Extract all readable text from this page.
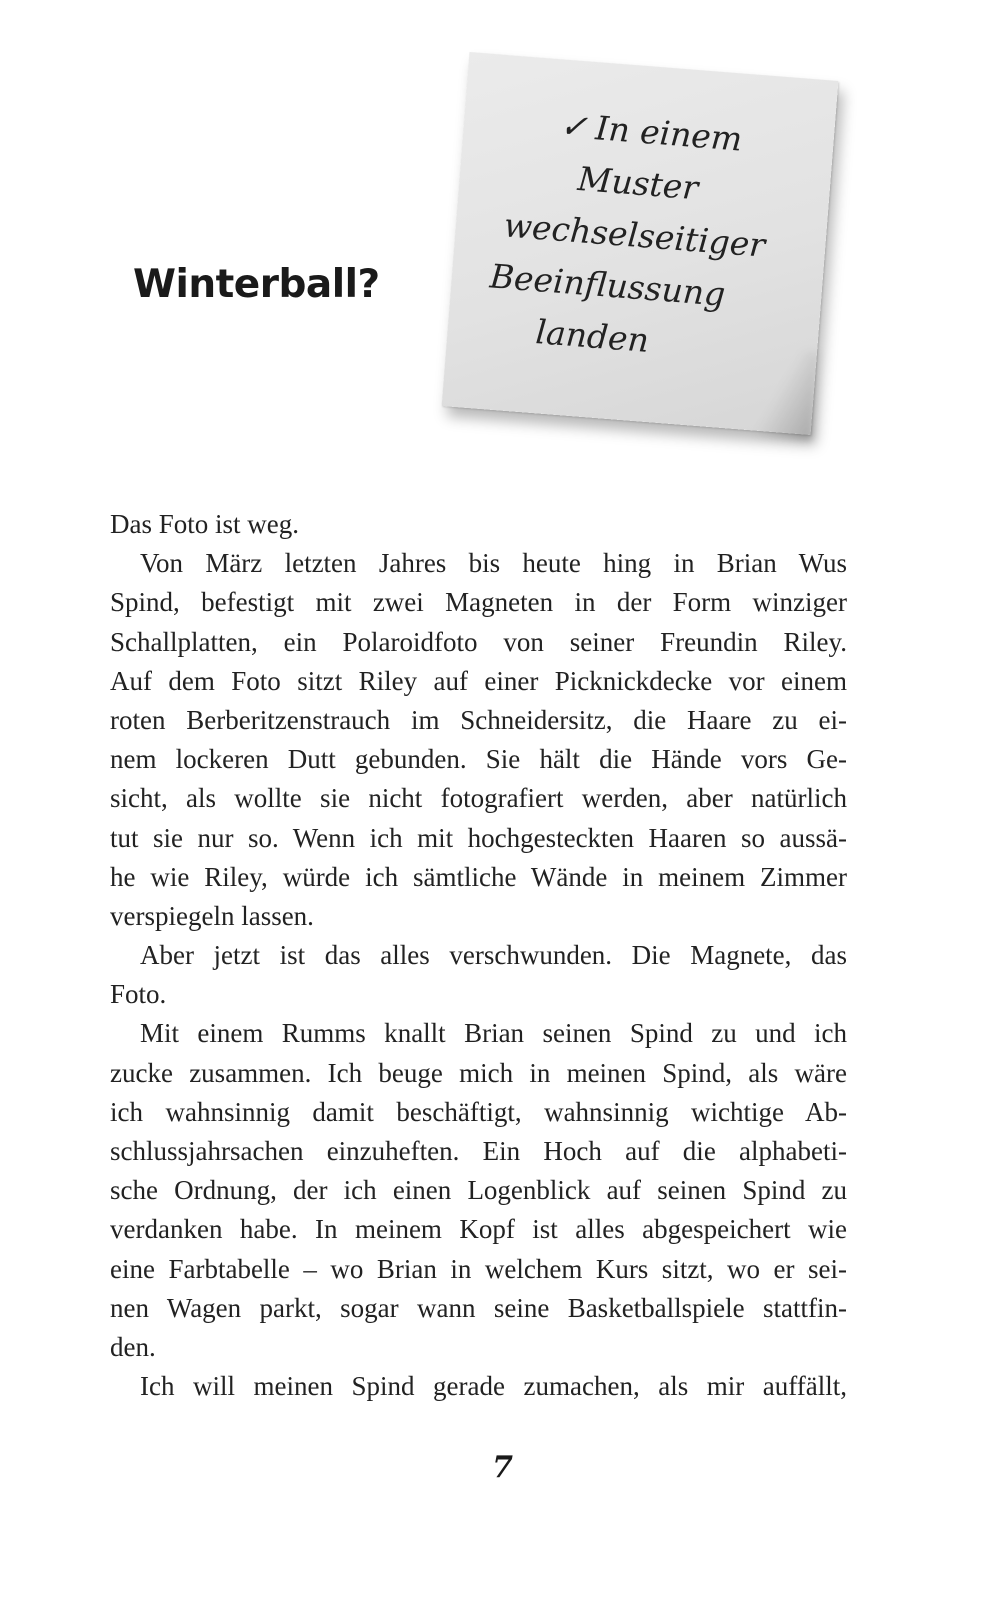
Winterball?
✓ In einem
Muster
wechselseitiger
Beeinflussung
landen
Das Foto ist weg.
Von März letzten Jahres bis heute hing in Brian Wus
Spind, befestigt mit zwei Magneten in der Form winziger
Schallplatten, ein Polaroidfoto von seiner Freundin Riley.
Auf dem Foto sitzt Riley auf einer Picknickdecke vor einem
roten Berberitzenstrauch im Schneidersitz, die Haare zu ei-
nem lockeren Dutt gebunden. Sie hält die Hände vors Ge-
sicht, als wollte sie nicht fotografiert werden, aber natürlich
tut sie nur so. Wenn ich mit hochgesteckten Haaren so aussä-
he wie Riley, würde ich sämtliche Wände in meinem Zimmer
verspiegeln lassen.
Aber jetzt ist das alles verschwunden. Die Magnete, das
Foto.
Mit einem Rumms knallt Brian seinen Spind zu und ich
zucke zusammen. Ich beuge mich in meinen Spind, als wäre
ich wahnsinnig damit beschäftigt, wahnsinnig wichtige Ab-
schlussjahrsachen einzuheften. Ein Hoch auf die alphabeti-
sche Ordnung, der ich einen Logenblick auf seinen Spind zu
verdanken habe. In meinem Kopf ist alles abgespeichert wie
eine Farbtabelle – wo Brian in welchem Kurs sitzt, wo er sei-
nen Wagen parkt, sogar wann seine Basketballspiele stattfin-
den.
Ich will meinen Spind gerade zumachen, als mir auffällt,
7
